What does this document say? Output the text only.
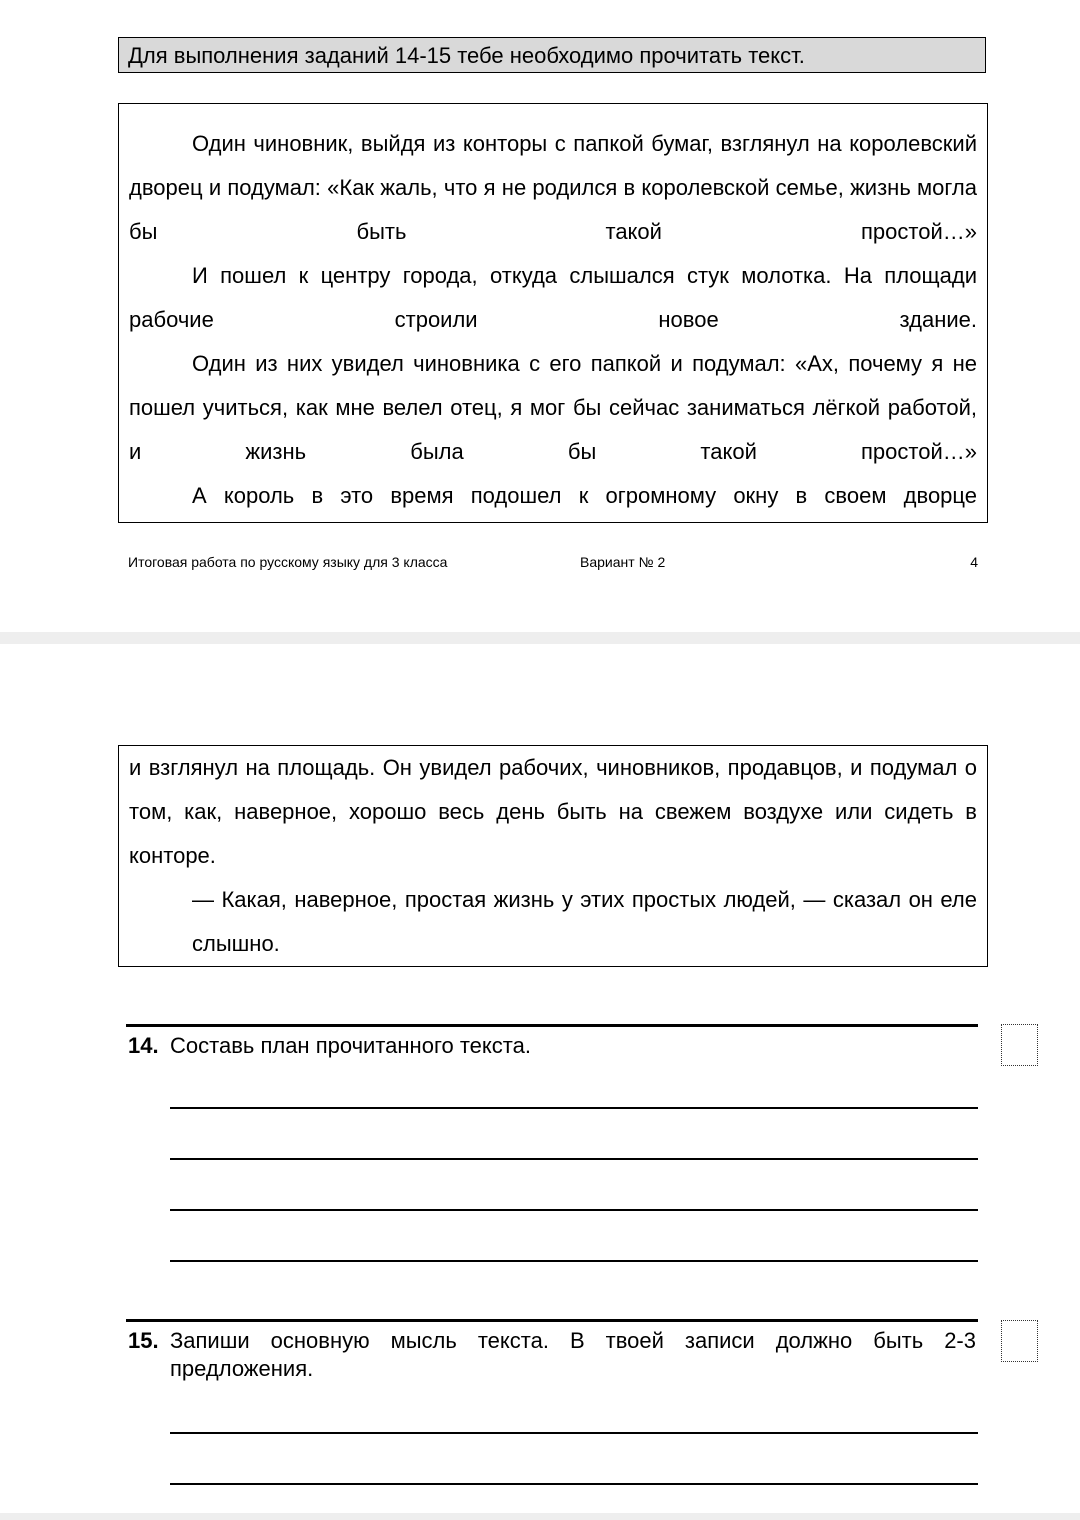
Для выполнения заданий 14-15 тебе необходимо прочитать текст.

Один чиновник, выйдя из конторы с папкой бумаг, взглянул на королевский дворец и подумал: «Как жаль, что я не родился в королевской семье, жизнь могла бы быть такой простой…»

И пошел к центру города, откуда слышался стук молотка. На площади рабочие строили новое здание.

Один из них увидел чиновника с его папкой и подумал: «Ах, почему я не пошел учиться, как мне велел отец, я мог бы сейчас заниматься лёгкой работой, и жизнь была бы такой простой…»

А король в это время подошел к огромному окну в своем дворце

Итоговая работа по русскому языку для 3 класса	Вариант № 2	4

и взглянул на площадь. Он увидел рабочих, чиновников, продавцов, и подумал о том, как, наверное, хорошо весь день быть на свежем воздухе или сидеть в конторе.

— Какая, наверное, простая жизнь у этих простых людей, — сказал он еле слышно.

14. Составь план прочитанного текста.
15. Запиши основную мысль текста. В твоей записи должно быть 2-3 предложения.
